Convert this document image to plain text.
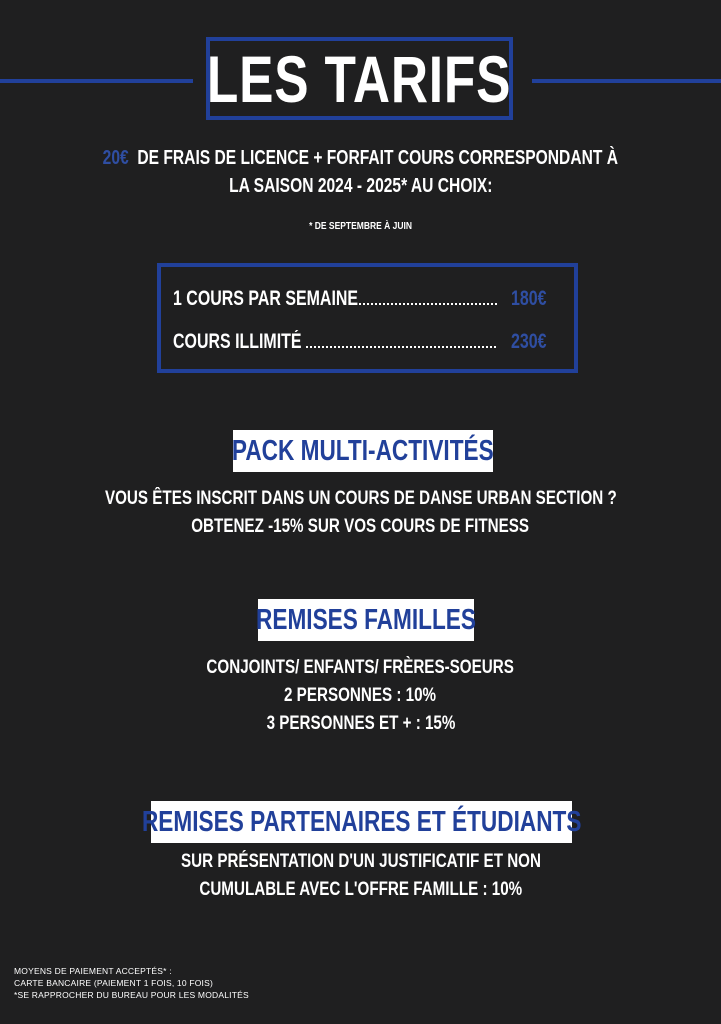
LES TARIFS
20€ DE FRAIS DE LICENCE + FORFAIT COURS CORRESPONDANT À
LA SAISON 2024 - 2025* AU CHOIX:
* DE SEPTEMBRE À JUIN
1 COURS PAR SEMAINE	180€
COURS ILLIMITÉ	230€
PACK MULTI-ACTIVITÉS
VOUS ÊTES INSCRIT DANS UN COURS DE DANSE URBAN SECTION ?
OBTENEZ -15% SUR VOS COURS DE FITNESS
REMISES FAMILLES
CONJOINTS/ ENFANTS/ FRÈRES-SOEURS
2 PERSONNES : 10%
3 PERSONNES ET + : 15%
REMISES PARTENAIRES ET ÉTUDIANTS
SUR PRÉSENTATION D'UN JUSTIFICATIF ET NON
CUMULABLE AVEC L'OFFRE FAMILLE : 10%
MOYENS DE PAIEMENT ACCEPTÉS* :
CARTE BANCAIRE (PAIEMENT 1 FOIS, 10 FOIS)
*SE RAPPROCHER DU BUREAU POUR LES MODALITÉS
